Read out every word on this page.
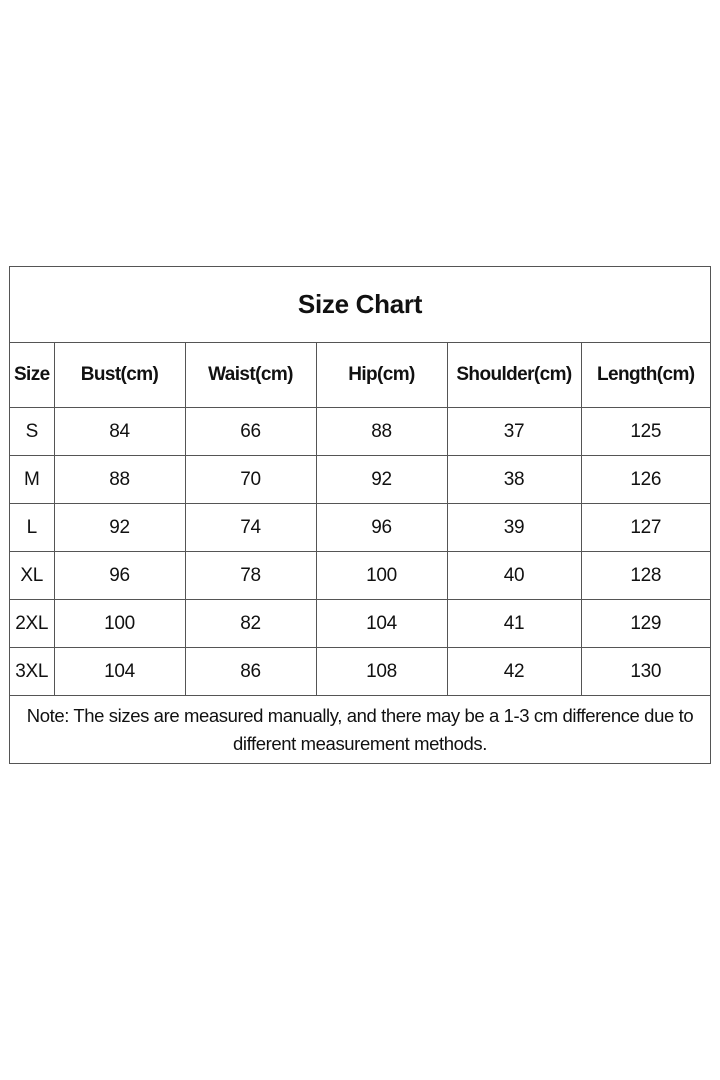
Size Chart
Size	Bust(cm)	Waist(cm)	Hip(cm)	Shoulder(cm)	Length(cm)
S	84	66	88	37	125
M	88	70	92	38	126
L	92	74	96	39	127
XL	96	78	100	40	128
2XL	100	82	104	41	129
3XL	104	86	108	42	130
Note: The sizes are measured manually, and there may be a 1-3 cm difference due to different measurement methods.
